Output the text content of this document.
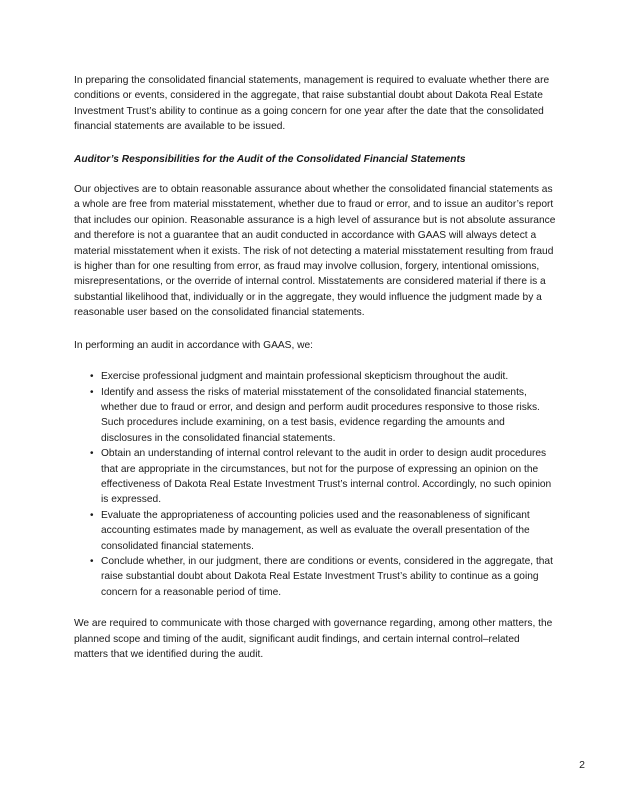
In preparing the consolidated financial statements, management is required to evaluate whether there are conditions or events, considered in the aggregate, that raise substantial doubt about Dakota Real Estate Investment Trust’s ability to continue as a going concern for one year after the date that the consolidated financial statements are available to be issued.

Auditor’s Responsibilities for the Audit of the Consolidated Financial Statements

Our objectives are to obtain reasonable assurance about whether the consolidated financial statements as a whole are free from material misstatement, whether due to fraud or error, and to issue an auditor’s report that includes our opinion. Reasonable assurance is a high level of assurance but is not absolute assurance and therefore is not a guarantee that an audit conducted in accordance with GAAS will always detect a material misstatement when it exists. The risk of not detecting a material misstatement resulting from fraud is higher than for one resulting from error, as fraud may involve collusion, forgery, intentional omissions, misrepresentations, or the override of internal control. Misstatements are considered material if there is a substantial likelihood that, individually or in the aggregate, they would influence the judgment made by a reasonable user based on the consolidated financial statements.

In performing an audit in accordance with GAAS, we:

• Exercise professional judgment and maintain professional skepticism throughout the audit.
• Identify and assess the risks of material misstatement of the consolidated financial statements, whether due to fraud or error, and design and perform audit procedures responsive to those risks. Such procedures include examining, on a test basis, evidence regarding the amounts and disclosures in the consolidated financial statements.
• Obtain an understanding of internal control relevant to the audit in order to design audit procedures that are appropriate in the circumstances, but not for the purpose of expressing an opinion on the effectiveness of Dakota Real Estate Investment Trust’s internal control. Accordingly, no such opinion is expressed.
• Evaluate the appropriateness of accounting policies used and the reasonableness of significant accounting estimates made by management, as well as evaluate the overall presentation of the consolidated financial statements.
• Conclude whether, in our judgment, there are conditions or events, considered in the aggregate, that raise substantial doubt about Dakota Real Estate Investment Trust’s ability to continue as a going concern for a reasonable period of time.

We are required to communicate with those charged with governance regarding, among other matters, the planned scope and timing of the audit, significant audit findings, and certain internal control–related matters that we identified during the audit.

2
